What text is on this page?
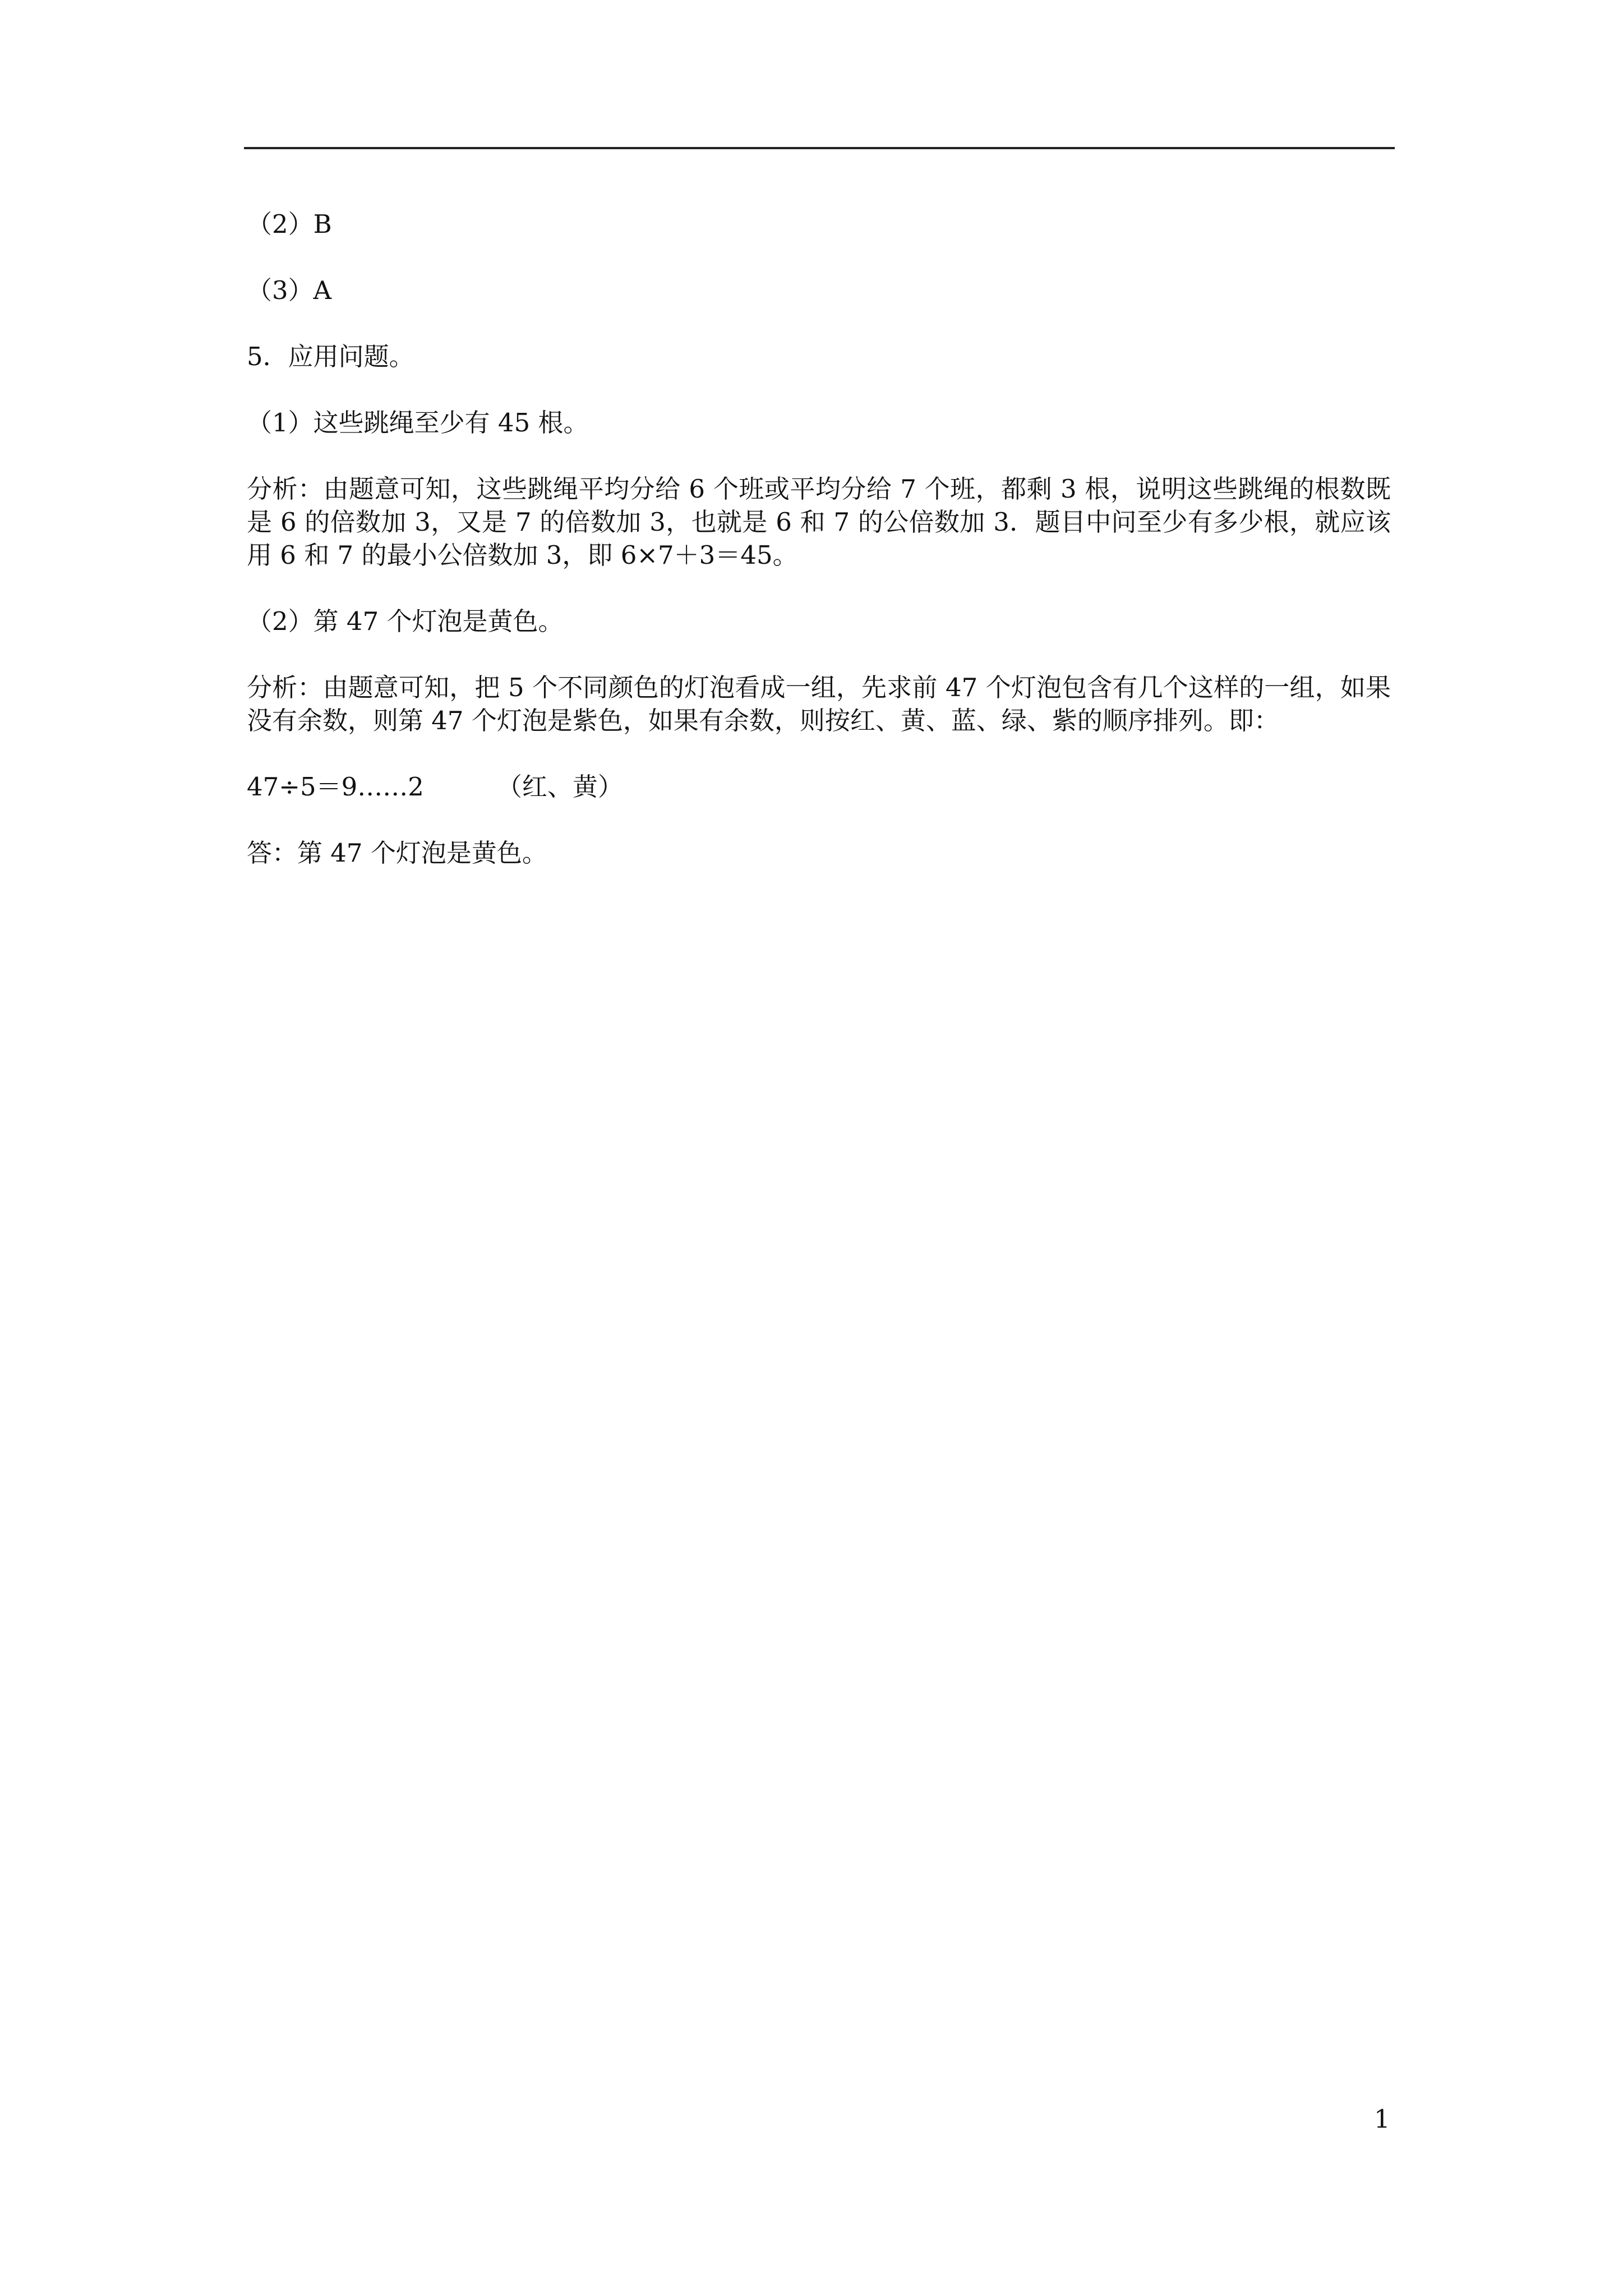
（2）B
（3）A
5．应用问题。
（1）这些跳绳至少有 45 根。
分析：由题意可知，这些跳绳平均分给 6 个班或平均分给 7 个班，都剩 3 根，说明这些跳绳的根数既是 6 的倍数加 3，又是 7 的倍数加 3，也就是 6 和 7 的公倍数加 3．题目中问至少有多少根，就应该用 6 和 7 的最小公倍数加 3，即 6×7＋3＝45。
（2）第 47 个灯泡是黄色。
分析：由题意可知，把 5 个不同颜色的灯泡看成一组，先求前 47 个灯泡包含有几个这样的一组，如果没有余数，则第 47 个灯泡是紫色，如果有余数，则按红、黄、蓝、绿、紫的顺序排列。即：
47÷5＝9……2	（红、黄）
答：第 47 个灯泡是黄色。
1
